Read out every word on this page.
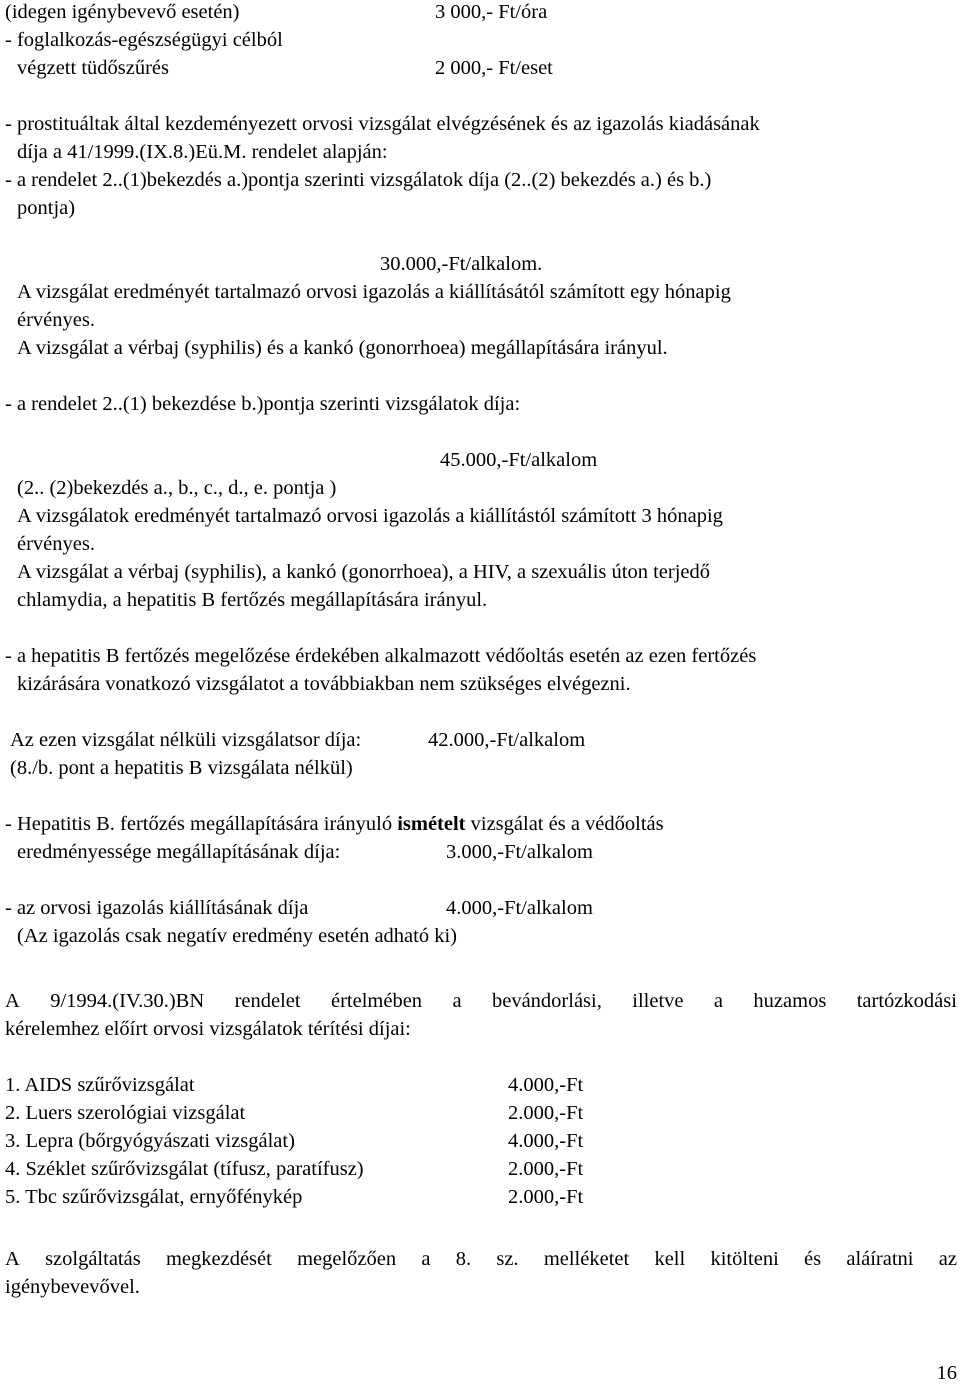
(idegen igénybevevő esetén)	3 000,- Ft/óra
- foglalkozás-egészségügyi célból
végzett tüdőszűrés	2 000,- Ft/eset
- prostituáltak által kezdeményezett orvosi vizsgálat elvégzésének és az igazolás kiadásának
díja a 41/1999.(IX.8.)Eü.M. rendelet alapján:
- a rendelet 2..(1)bekezdés a.)pontja szerinti vizsgálatok díja (2..(2) bekezdés a.) és b.)
pontja)
30.000,-Ft/alkalom.
A vizsgálat eredményét tartalmazó orvosi igazolás a kiállításától számított egy hónapig
érvényes.
A vizsgálat a vérbaj (syphilis) és a kankó (gonorrhoea) megállapítására irányul.
- a rendelet 2..(1) bekezdése b.)pontja szerinti vizsgálatok díja:
45.000,-Ft/alkalom
(2.. (2)bekezdés a., b., c., d., e. pontja )
A vizsgálatok eredményét tartalmazó orvosi igazolás a kiállítástól számított 3 hónapig
érvényes.
A vizsgálat a vérbaj (syphilis), a kankó (gonorrhoea), a HIV, a szexuális úton terjedő
chlamydia, a hepatitis B fertőzés megállapítására irányul.
- a hepatitis B fertőzés megelőzése érdekében alkalmazott védőoltás esetén az ezen fertőzés
kizárására vonatkozó vizsgálatot a továbbiakban nem szükséges elvégezni.
Az ezen vizsgálat nélküli vizsgálatsor díja:	42.000,-Ft/alkalom
(8./b. pont a hepatitis B vizsgálata nélkül)
- Hepatitis B. fertőzés megállapítására irányuló ismételt vizsgálat és a védőoltás
eredményessége megállapításának díja:	3.000,-Ft/alkalom
- az orvosi igazolás kiállításának díja	4.000,-Ft/alkalom
(Az igazolás csak negatív eredmény esetén adható ki)
A 9/1994.(IV.30.)BN rendelet értelmében a bevándorlási, illetve a huzamos tartózkodási
kérelemhez előírt orvosi vizsgálatok térítési díjai:
1. AIDS szűrővizsgálat	4.000,-Ft
2. Luers szerológiai vizsgálat	2.000,-Ft
3. Lepra (bőrgyógyászati vizsgálat)	4.000,-Ft
4. Széklet szűrővizsgálat (tífusz, paratífusz)	2.000,-Ft
5. Tbc szűrővizsgálat, ernyőfénykép	2.000,-Ft
A szolgáltatás megkezdését megelőzően a 8. sz. melléketet kell kitölteni és aláíratni az
igénybevevővel.
16
